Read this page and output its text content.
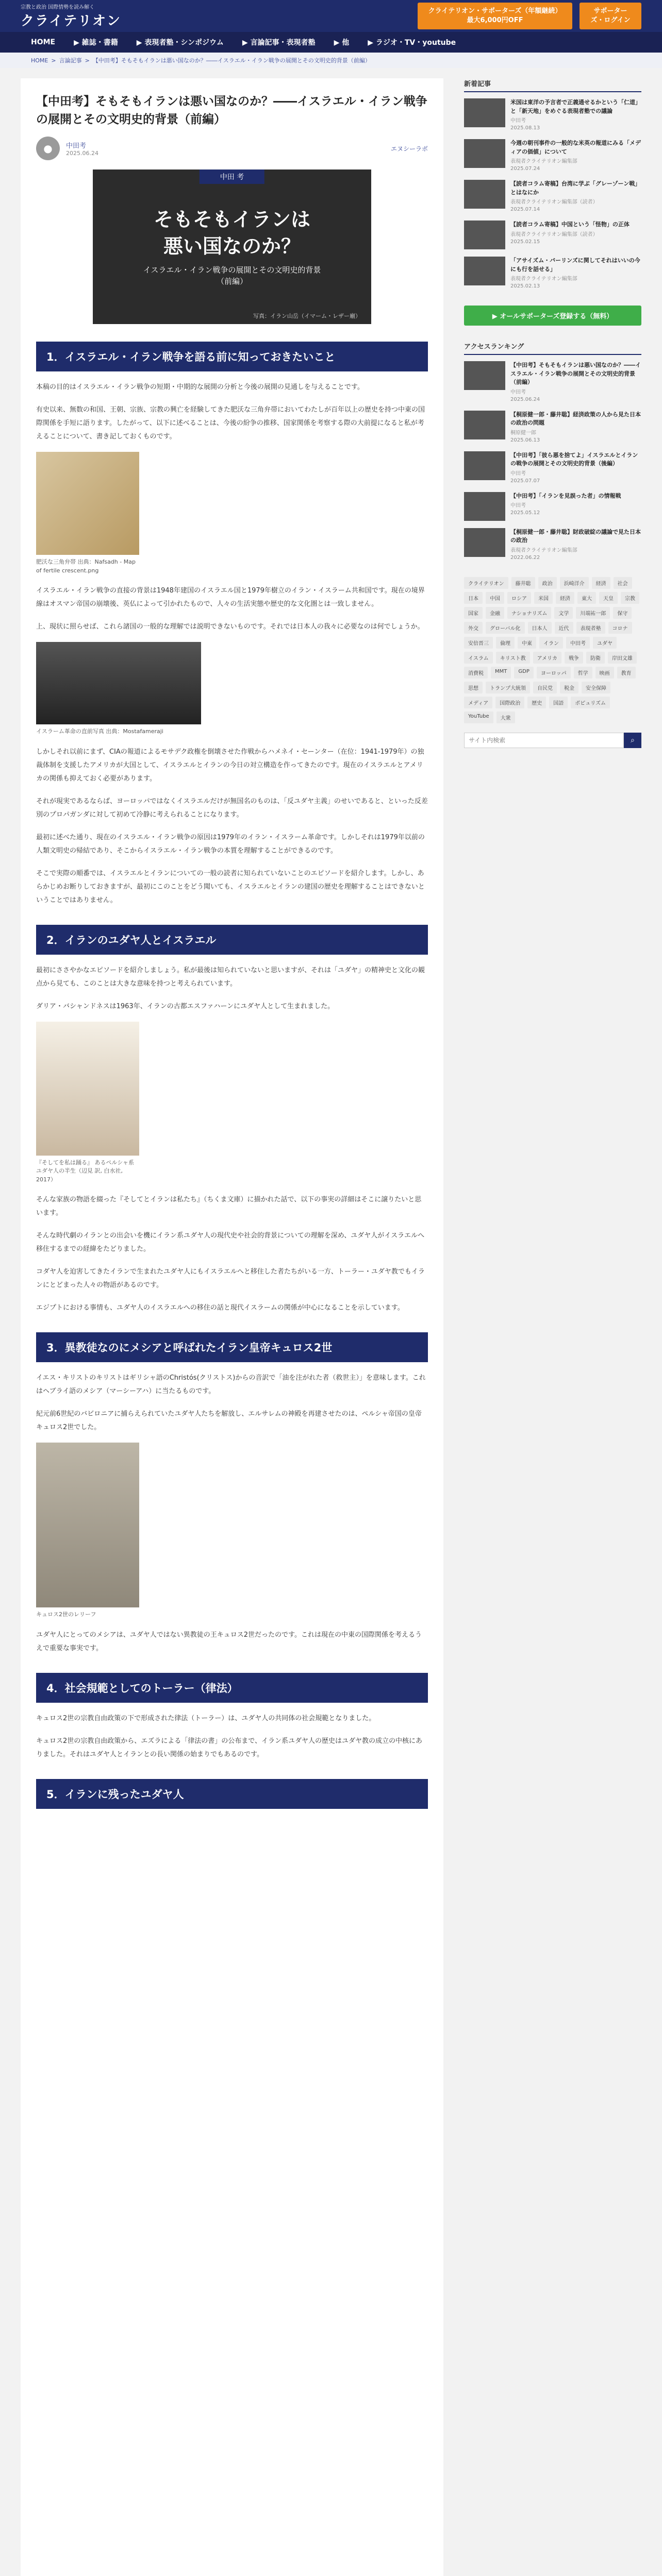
宗教と政治 国際情勢を読み解く
クライテリオン
クライテリオン・サポーターズ（年額継続）最大6,000円OFF
サポーターズ・ログイン
HOME	▶ 雑誌・書籍	▶ 表現者塾・シンポジウム	▶ 言論記事・表現者塾	▶ 他	▶ ラジオ・TV・youtube
HOME > 言論記事 > 【中田考】そもそもイランは悪い国なのか？――イスラエル・イラン戦争の展開とその文明史的背景（前編）
【中田考】そもそもイランは悪い国なのか？――イスラエル・イラン戦争の展開とその文明史的背景（前編）
●	中田考
2025.06.24
エヌシーラボ
中田 考
そもそもイランは
悪い国なのか？
イスラエル・イラン戦争の展開とその文明史的背景
（前編）
写真：イラン山岳（イマーム・レザー廟）
1．イスラエル・イラン戦争を語る前に知っておきたいこと

本稿の目的はイスラエル・イラン戦争の短期・中期的な展開の分析と今後の展開の見通しを与えることです。

有史以来、無数の和国、王朝、宗族、宗教の興亡を経験してきた肥沃な三角弁帯においてわたしが百年以上の歴史を持つ中東の国際関係を手短に語ります。したがって、以下に述べることは、今後の紛争の推移、国家関係を考察する際の大前提になると私が考えることについて、書き記しておくものです。

肥沃な三角弁帯 出典：Nafsadh - Map of fertile crescent.png

イスラエル・イラン戦争の直接の背景は1948年建国のイスラエル国と1979年樹立のイラン・イスラーム共和国です。現在の境界線はオスマン帝国の崩壊後、英仏によって引かれたもので、人々の生活実態や歴史的な文化圏とは一致しません。

上、現状に照らせば、これら諸国の一般的な理解では説明できないものです。それでは日本人の我々に必要なのは何でしょうか。

イスラーム革命の直前写真 出典：Mostafameraji

しかしそれ以前にまず、CIAの報道によるモサデク政権を倒壊させた作戦からハメネイ・セーンター（在位：1941-1979年）の独裁体制を支援したアメリカが大国として、イスラエルとイランの今日の対立構造を作ってきたのです。現在のイスラエルとアメリカの関係も抑えておく必要があります。

それが現実であるならば、ヨーロッパではなくイスラエルだけが無国名のものは、「反ユダヤ主義」のせいであると、といった反差別のプロパガンダに対して初めて冷静に考えられることになります。

最初に述べた通り、現在のイスラエル・イラン戦争の原因は1979年のイラン・イスラーム革命です。しかしそれは1979年以前の人類文明史の帰結であり、そこからイスラエル・イラン戦争の本質を理解することができるのです。

そこで実際の順番では、イスラエルとイランについての一般の読者に知られていないことのエピソードを紹介します。しかし、あらかじめお断りしておきますが、最初にこのことをどう聞いても、イスラエルとイランの建国の歴史を理解することはできないということではありません。

2．イランのユダヤ人とイスラエル

最初にささやかなエピソードを紹介しましょう。私が最後は知られていないと思いますが、それは「ユダヤ」の精神史と文化の観点から見ても、このことは大きな意味を持つと考えられています。

ダリア・バシャンドネスは1963年、イランの古都エスファハーンにユダヤ人として生まれました。

『そしてを私は踊る』 あるペルシャ系ユダヤ人の半生（辺見 訳, 白水社, 2017）

そんな家族の物語を綴った『そしてとイランは私たち』（ちくま文庫）に描かれた話で、以下の事実の詳細はそこに譲りたいと思います。

そんな時代劇のイランとの出会いを機にイラン系ユダヤ人の現代史や社会的背景についての理解を深め、ユダヤ人がイスラエルへ移住するまでの経緯をたどりました。

コダヤ人を迫害してきたイランで生まれたユダヤ人にもイスラエルへと移住した者たちがいる一方、トーラー・ユダヤ教でもイランにとどまった人々の物語があるのです。

エジプトにおける事情も、ユダヤ人のイスラエルへの移住の話と現代イスラームの関係が中心になることを示しています。

3．異教徒なのにメシアと呼ばれたイラン皇帝キュロス2世

イエス・キリストのキリストはギリシャ語のChristós(クリストス)からの音訳で「油を注がれた者（救世主）」を意味します。これはヘブライ語のメシア（マーシーアハ）に当たるものです。

紀元前6世紀のバビロニアに捕らえられていたユダヤ人たちを解放し、エルサレムの神殿を再建させたのは、ペルシャ帝国の皇帝キュロス2世でした。

キュロス2世のレリーフ

ユダヤ人にとってのメシアは、ユダヤ人ではない異教徒の王キュロス2世だったのです。これは現在の中東の国際関係を考えるうえで重要な事実です。

4．社会規範としてのトーラー（律法）

キュロス2世の宗教自由政策の下で形成された律法（トーラー）は、ユダヤ人の共同体の社会規範となりました。

キュロス2世の宗教自由政策から、エズラによる「律法の書」の公布まで、イラン系ユダヤ人の歴史はユダヤ教の成立の中核にありました。それはユダヤ人とイランとの長い関係の始まりでもあるのです。

5．イランに残ったユダヤ人
新着記事
米国は東洋の予言者で正義通せるかという「仁道」と「新天地」をめぐる表現者塾での議論
中田考
2025.08.13
今週の朝刊事件の一般的な米英の報道にみる「メディアの価値」について
表現者クライテリオン編集部
2025.07.24
【読者コラム寄稿】台湾に学ぶ「グレーゾーン戦」とはなにか
表現者クライテリオン編集部（読者）
2025.07.14
【読者コラム寄稿】中国という「怪物」の正体
表現者クライテリオン編集部（読者）
2025.02.15
「アサイズム・バーリンズに関してそれはいいの今にも行を話せる」
表現者クライテリオン編集部
2025.02.13
▶ オールサポーターズ登録する（無料）
アクセスランキング
【中田考】そもそもイランは悪い国なのか？――イスラエル・イラン戦争の展開とその文明史的背景（前編）
中田考
2025.06.24
【桐原健一郎・藤井聡】経済政策の人から見た日本の政治の問題
桐原健一郎
2025.06.13
【中田考】「彼ら悪を捨てよ」イスラエルとイランの戦争の展開とその文明史的背景（後編）
中田考
2025.07.07
【中田考】「イランを見誤った者」の情報戦
中田考
2025.05.12
【桐原健一郎・藤井聡】財政破綻の議論で見た日本の政治
表現者クライテリオン編集部
2022.06.22
クライテリオン	藤井聡	政治	浜崎洋介	経済	社会
日本	中国	ロシア	米国	経済	東大	天皇	宗教
国家	金融	ナショナリズム	文学	川端祐一郎	保守
外交	グローバル化	日本人	近代	表現者塾	コロナ
安倍晋三	倫理	中東	イラン	中田考	ユダヤ
イスラム	キリスト教	アメリカ	戦争	防衛	岸田文雄
消費税	MMT	GDP	ヨーロッパ	哲学	映画	教育
思想	トランプ大統領	自民党	税金	安全保障
メディア	国際政治	歴史	国語	ポピュリズム
YouTube	大衆
サイト内検索
⌕
